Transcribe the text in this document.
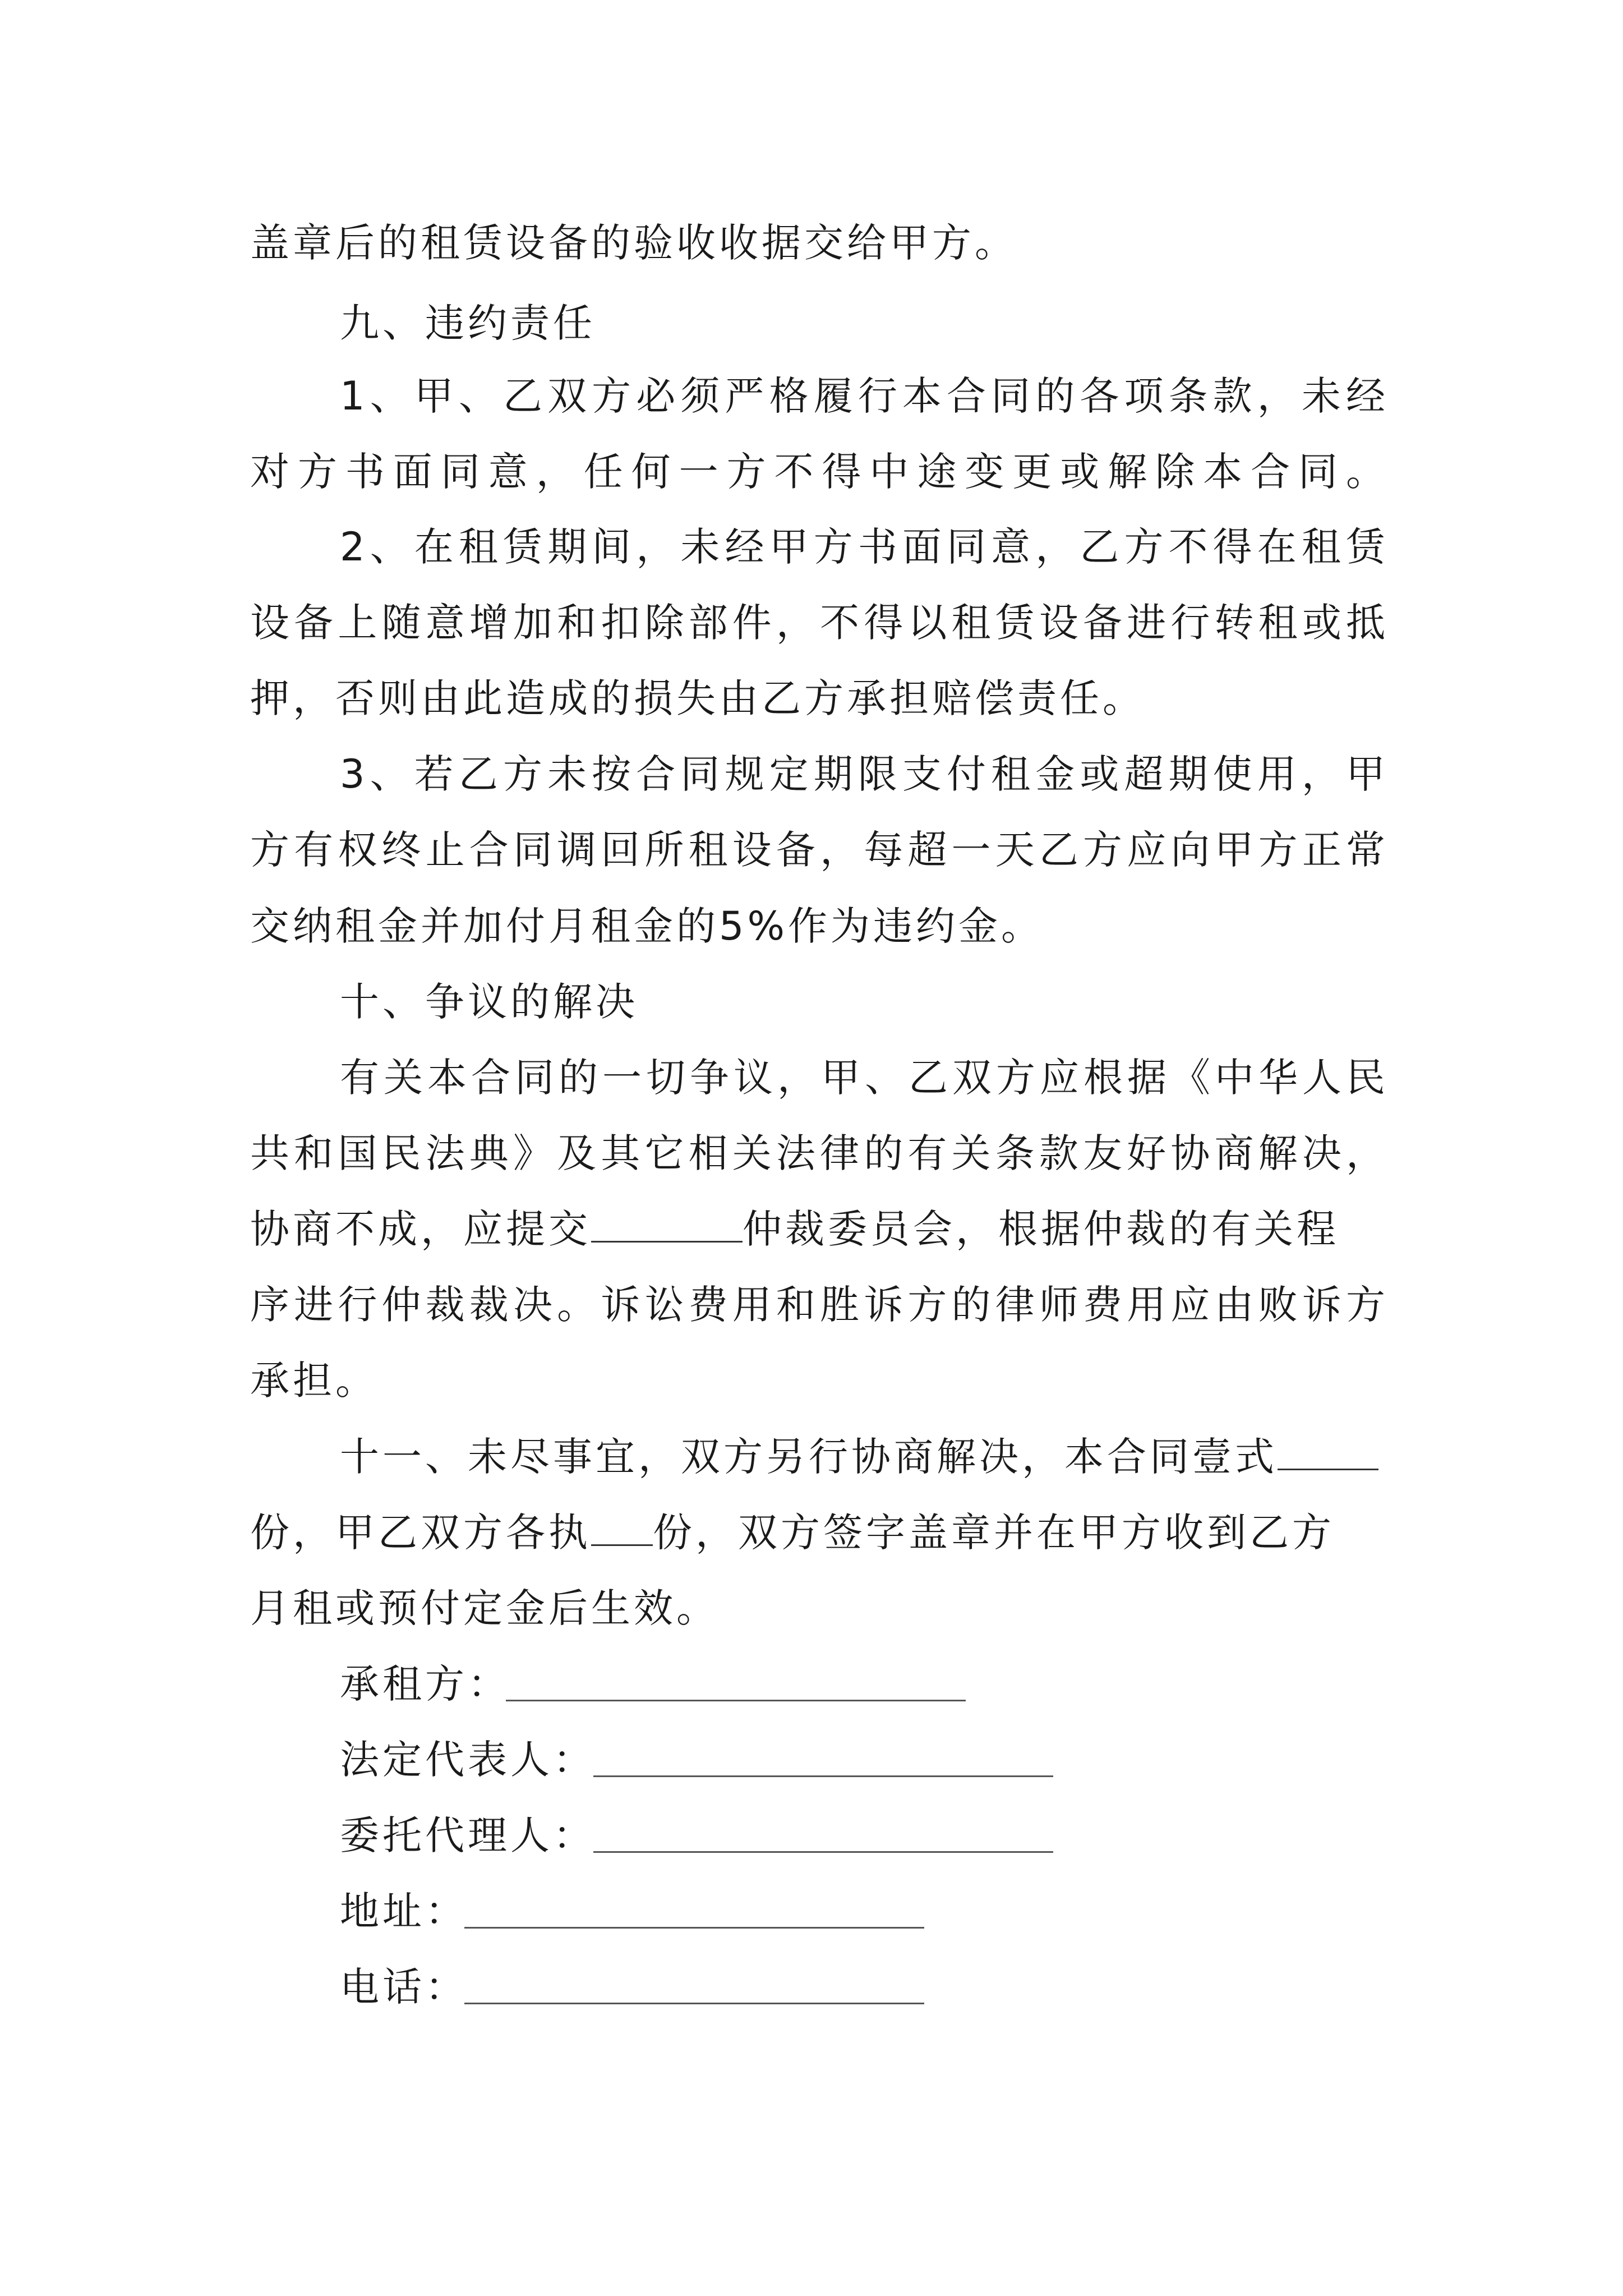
盖章后的租赁设备的验收收据交给甲方。
九、违约责任
1、甲、乙双方必须严格履行本合同的各项条款，未经
对方书面同意，任何一方不得中途变更或解除本合同。
2、在租赁期间，未经甲方书面同意，乙方不得在租赁
设备上随意增加和扣除部件，不得以租赁设备进行转租或抵
押，否则由此造成的损失由乙方承担赔偿责任。
3、若乙方未按合同规定期限支付租金或超期使用，甲
方有权终止合同调回所租设备，每超一天乙方应向甲方正常
交纳租金并加付月租金的5%作为违约金。
十、争议的解决
有关本合同的一切争议，甲、乙双方应根据《中华人民
共和国民法典》及其它相关法律的有关条款友好协商解决，
协商不成，应提交	仲裁委员会，根据仲裁的有关程
序进行仲裁裁决。诉讼费用和胜诉方的律师费用应由败诉方
承担。
十一、未尽事宜，双方另行协商解决，本合同壹式
份，甲乙双方各执 份，双方签字盖章并在甲方收到乙方
月租或预付定金后生效。
承租方：
法定代表人：
委托代理人：
地址：
电话：
